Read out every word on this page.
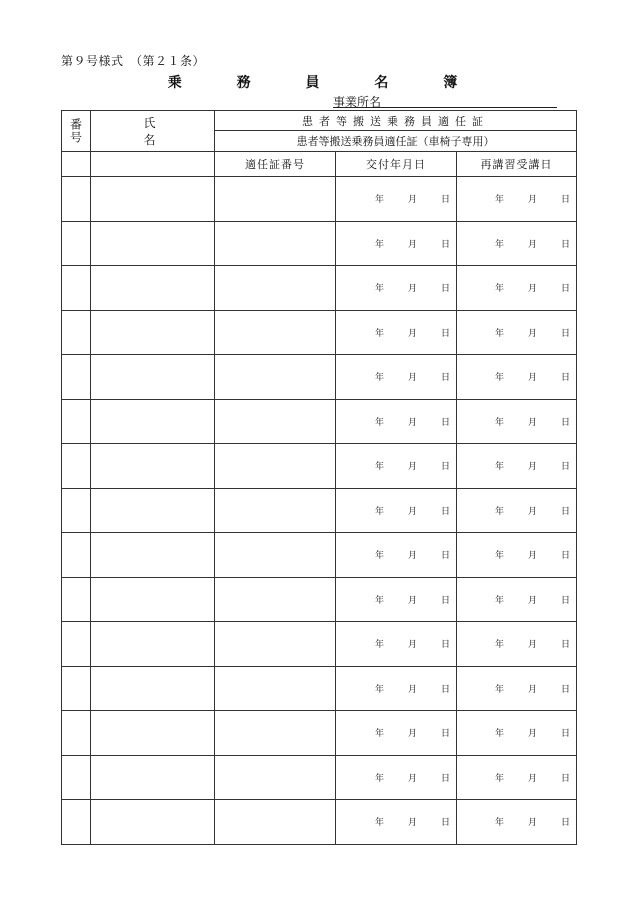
第９号様式　（第２１条）
乗 務 員 名 簿
事業所名
番号	氏　名	患者等搬送乗務員適任証		
		患者等搬送乗務員適任証（車椅子専用）		
		適任証番号	交付年月日	再講習受講日
			年 月 日	年 月 日
			年 月 日	年 月 日
			年 月 日	年 月 日
			年 月 日	年 月 日
			年 月 日	年 月 日
			年 月 日	年 月 日
			年 月 日	年 月 日
			年 月 日	年 月 日
			年 月 日	年 月 日
			年 月 日	年 月 日
			年 月 日	年 月 日
			年 月 日	年 月 日
			年 月 日	年 月 日
			年 月 日	年 月 日
			年 月 日	年 月 日
